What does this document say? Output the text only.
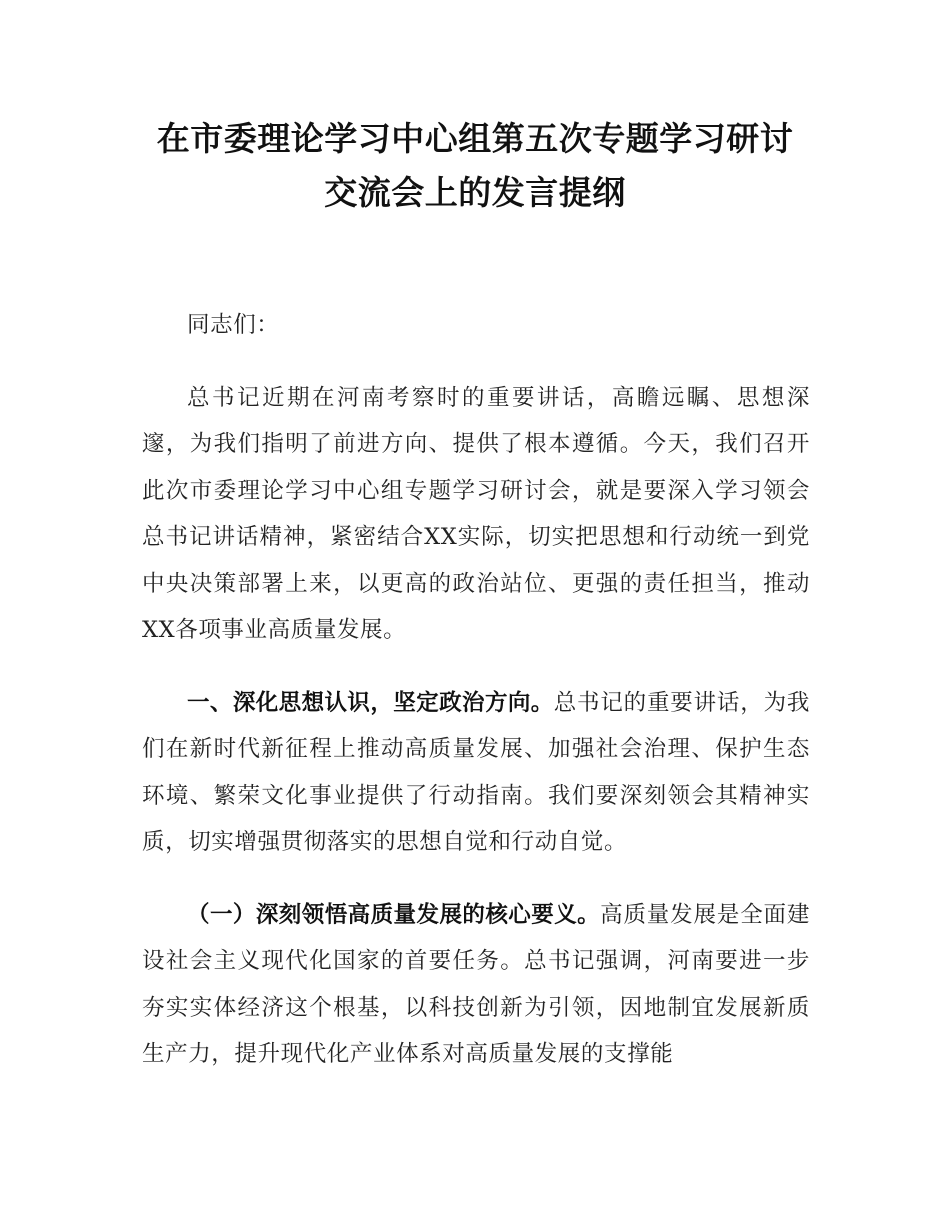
在市委理论学习中心组第五次专题学习研讨
交流会上的发言提纲

同志们：

总书记近期在河南考察时的重要讲话，高瞻远瞩、思想深邃，为我们指明了前进方向、提供了根本遵循。今天，我们召开此次市委理论学习中心组专题学习研讨会，就是要深入学习领会总书记讲话精神，紧密结合XX实际，切实把思想和行动统一到党中央决策部署上来，以更高的政治站位、更强的责任担当，推动XX各项事业高质量发展。

一、深化思想认识，坚定政治方向。总书记的重要讲话，为我们在新时代新征程上推动高质量发展、加强社会治理、保护生态环境、繁荣文化事业提供了行动指南。我们要深刻领会其精神实质，切实增强贯彻落实的思想自觉和行动自觉。

（一）深刻领悟高质量发展的核心要义。高质量发展是全面建设社会主义现代化国家的首要任务。总书记强调，河南要进一步夯实实体经济这个根基，以科技创新为引领，因地制宜发展新质生产力，提升现代化产业体系对高质量发展的支撑能
